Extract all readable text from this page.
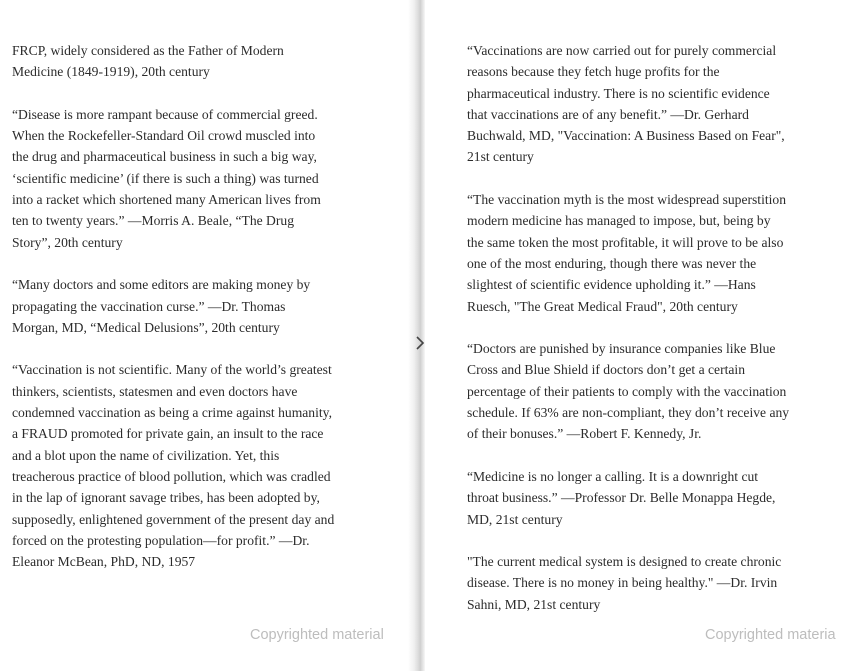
FRCP, widely considered as the Father of Modern
Medicine (1849-1919), 20th century

“Disease is more rampant because of commercial greed.
When the Rockefeller-Standard Oil crowd muscled into
the drug and pharmaceutical business in such a big way,
‘scientific medicine’ (if there is such a thing) was turned
into a racket which shortened many American lives from
ten to twenty years.” —Morris A. Beale, “The Drug
Story”, 20th century

“Many doctors and some editors are making money by
propagating the vaccination curse.” —Dr. Thomas
Morgan, MD, “Medical Delusions”, 20th century

“Vaccination is not scientific. Many of the world’s greatest
thinkers, scientists, statesmen and even doctors have
condemned vaccination as being a crime against humanity,
a FRAUD promoted for private gain, an insult to the race
and a blot upon the name of civilization. Yet, this
treacherous practice of blood pollution, which was cradled
in the lap of ignorant savage tribes, has been adopted by,
supposedly, enlightened government of the present day and
forced on the protesting population—for profit.” —Dr.
Eleanor McBean, PhD, ND, 1957

Copyrighted material

“Vaccinations are now carried out for purely commercial
reasons because they fetch huge profits for the
pharmaceutical industry. There is no scientific evidence
that vaccinations are of any benefit.” —Dr. Gerhard
Buchwald, MD, "Vaccination: A Business Based on Fear",
21st century

“The vaccination myth is the most widespread superstition
modern medicine has managed to impose, but, being by
the same token the most profitable, it will prove to be also
one of the most enduring, though there was never the
slightest of scientific evidence upholding it.” —Hans
Ruesch, "The Great Medical Fraud", 20th century

“Doctors are punished by insurance companies like Blue
Cross and Blue Shield if doctors don’t get a certain
percentage of their patients to comply with the vaccination
schedule. If 63% are non-compliant, they don’t receive any
of their bonuses.” —Robert F. Kennedy, Jr.

“Medicine is no longer a calling. It is a downright cut
throat business.” —Professor Dr. Belle Monappa Hegde,
MD, 21st century

"The current medical system is designed to create chronic
disease. There is no money in being healthy." —Dr. Irvin
Sahni, MD, 21st century

Copyrighted materia
